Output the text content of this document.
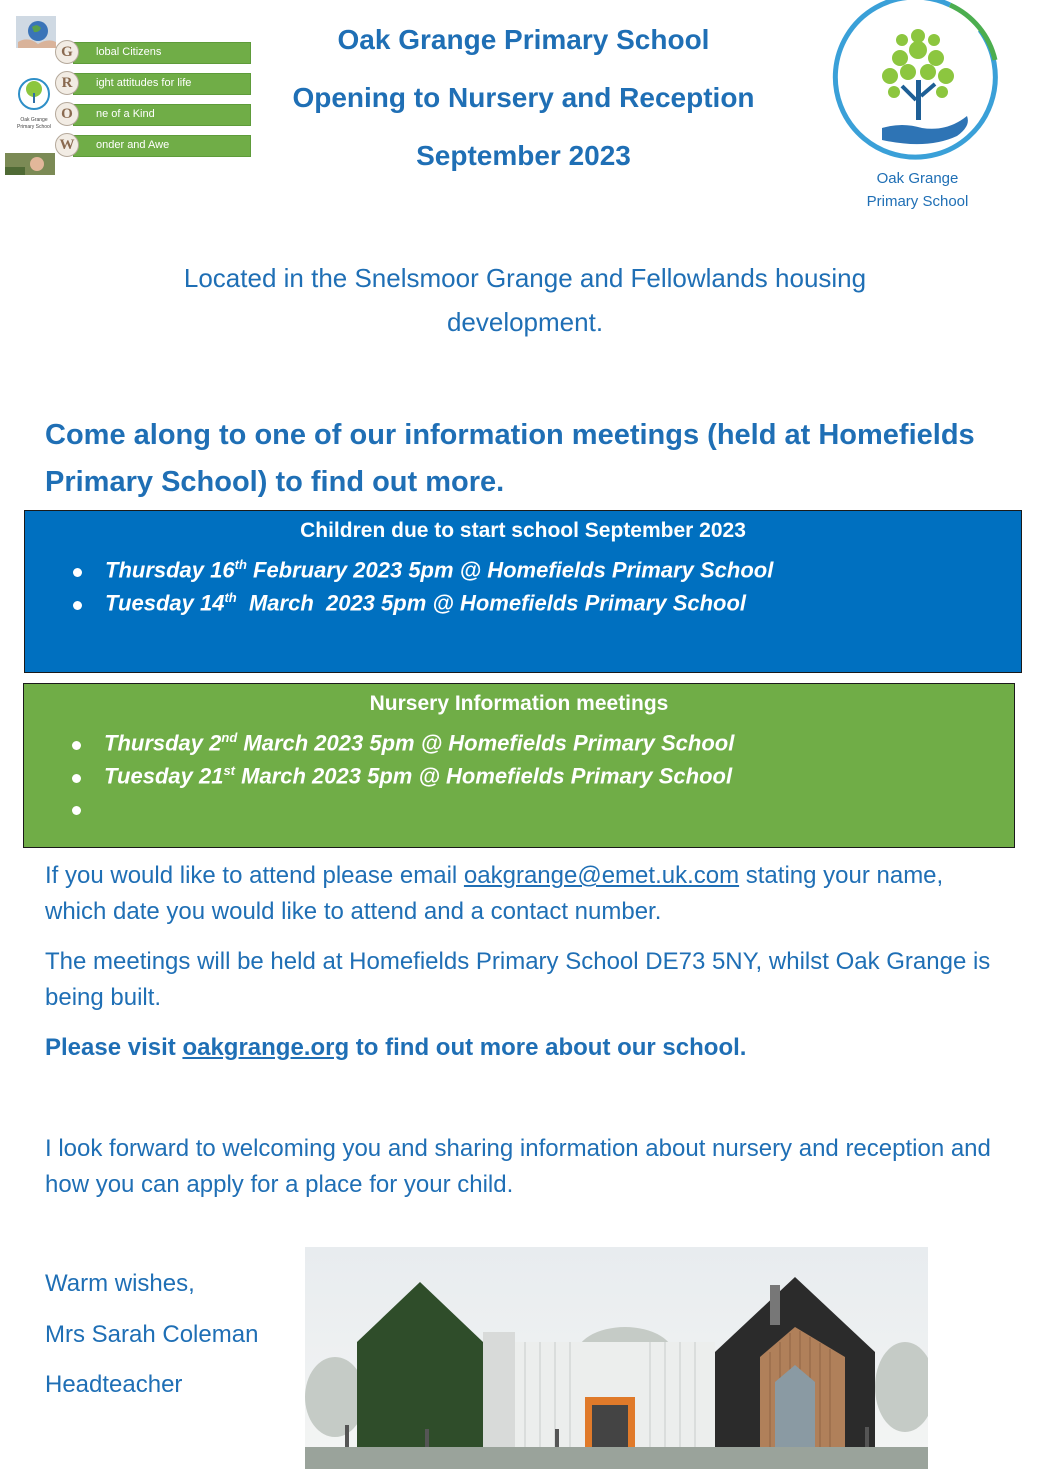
Oak Grange Primary School
G	lobal Citizens
R	ight attitudes for life
O	ne of a Kind
W	onder and Awe
Oak Grange Primary School
Opening to Nursery and Reception
September 2023
Oak Grange
Primary School
Located in the Snelsmoor Grange and Fellowlands housing development.
Come along to one of our information meetings (held at Homefields Primary School) to find out more.
Children due to start school September 2023
Thursday 16th February 2023 5pm @ Homefields Primary School
Tuesday 14th  March  2023 5pm @ Homefields Primary School
Nursery Information meetings
Thursday 2nd March 2023 5pm @ Homefields Primary School
Tuesday 21st March 2023 5pm @ Homefields Primary School
If you would like to attend please email oakgrange@emet.uk.com stating your name, which date you would like to attend and a contact number.
The meetings will be held at Homefields Primary School DE73 5NY, whilst Oak Grange is being built.
Please visit oakgrange.org to find out more about our school.
I look forward to welcoming you and sharing information about nursery and reception and how you can apply for a place for your child.
Warm wishes,
Mrs Sarah Coleman
Headteacher
